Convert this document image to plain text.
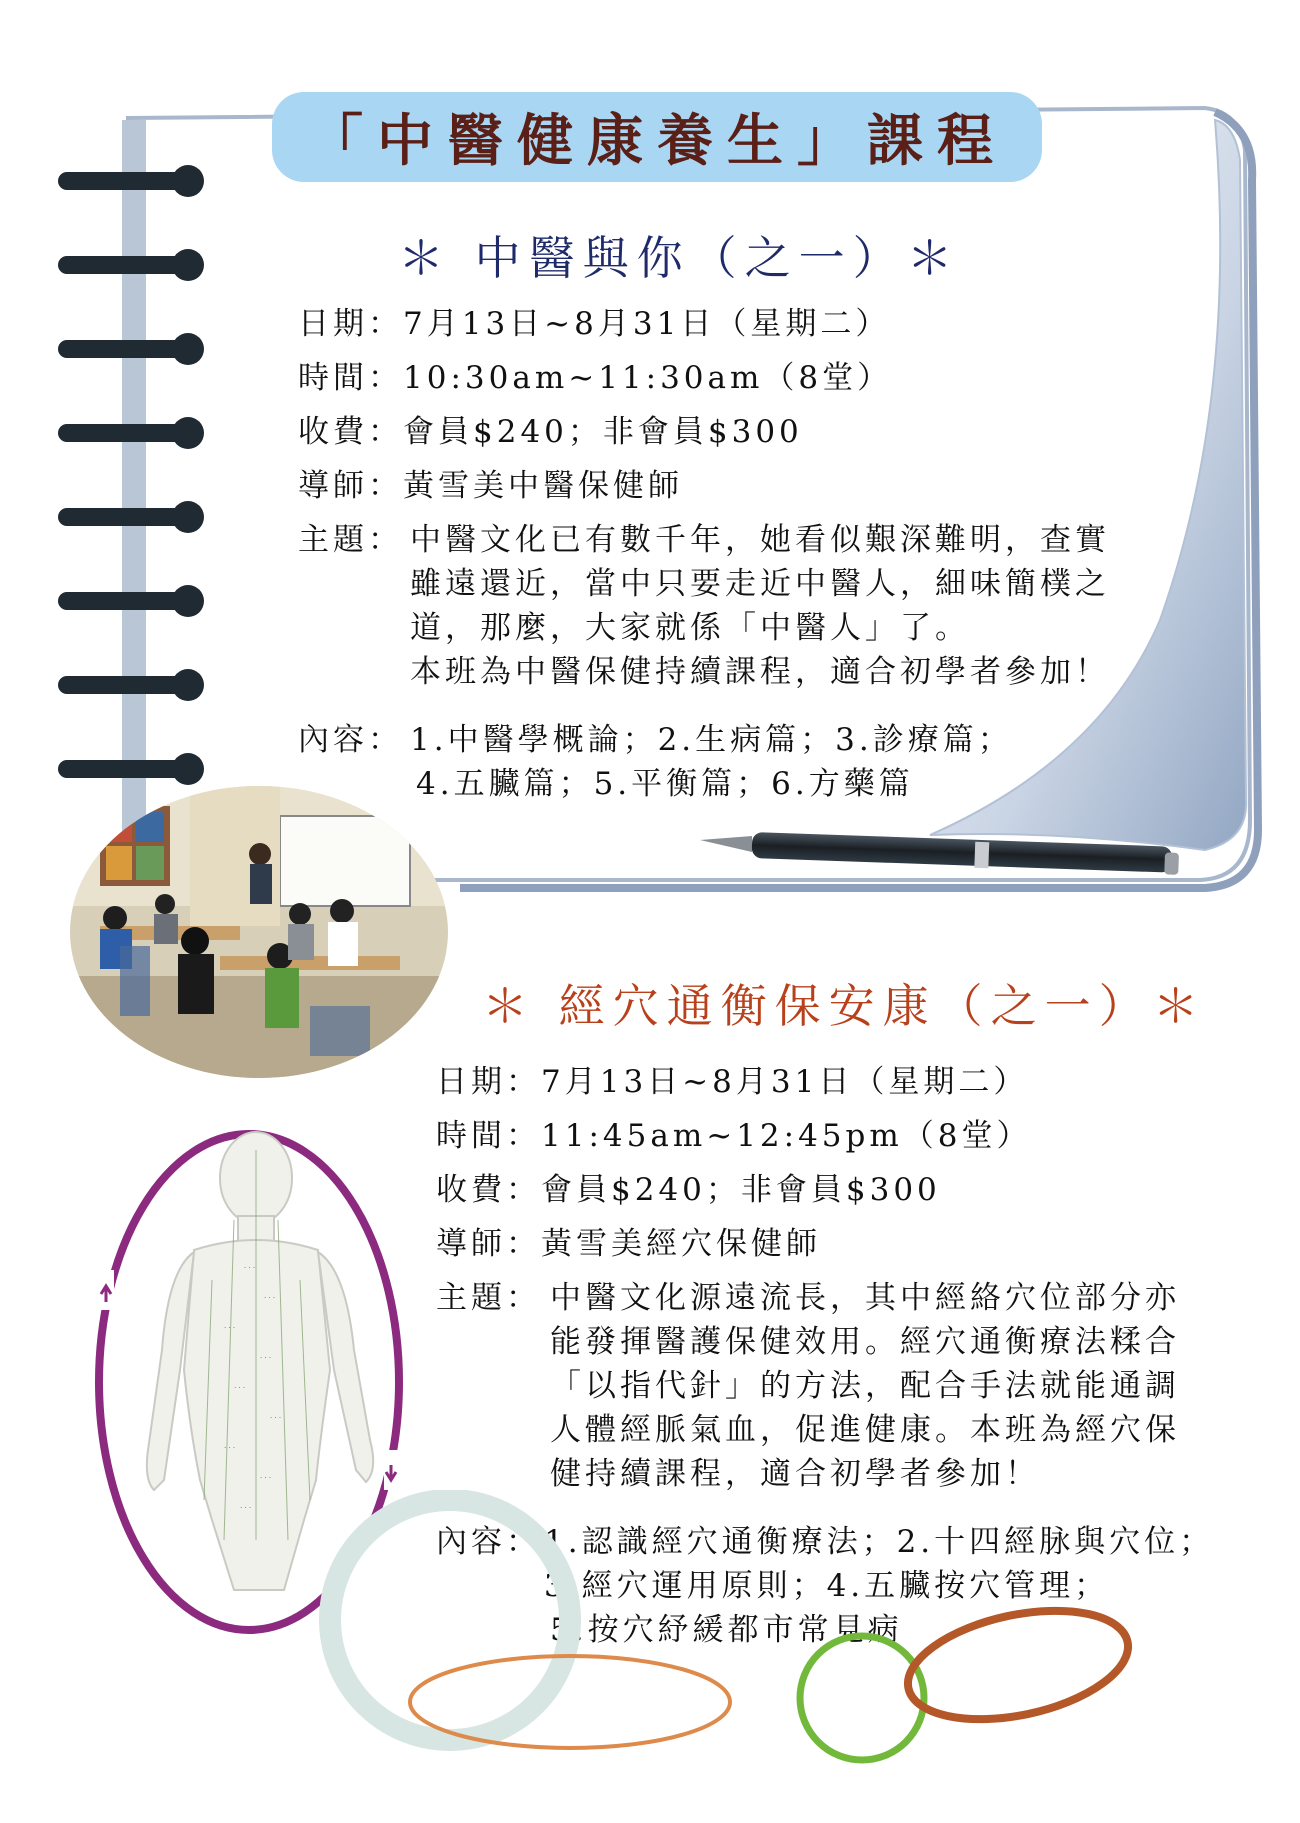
「中醫健康養生」課程
＊ 中醫與你（之一）＊
日期：7月13日~8月31日（星期二）
時間：10:30am~11:30am（8堂）
收費：會員$240；非會員$300
導師：黃雪美中醫保健師
主題： 中醫文化已有數千年，她看似艱深難明，查實
雖遠還近，當中只要走近中醫人，細味簡樸之
道，那麼，大家就係「中醫人」了。
本班為中醫保健持續課程，適合初學者參加！
內容： 1.中醫學概論；2.生病篇；3.診療篇；
4.五臟篇；5.平衡篇；6.方藥篇
＊ 經穴通衡保安康（之一）＊
日期：7月13日~8月31日（星期二）
時間：11:45am~12:45pm（8堂）
收費：會員$240；非會員$300
導師：黃雪美經穴保健師
主題： 中醫文化源遠流長，其中經絡穴位部分亦
能發揮醫護保健效用。經穴通衡療法糅合
「以指代針」的方法，配合手法就能通調
人體經脈氣血，促進健康。本班為經穴保
健持續課程，適合初學者參加！
內容： 1.認識經穴通衡療法；2.十四經脉與穴位；
3.經穴運用原則；4.五臟按穴管理；
5.按穴紓緩都市常見病
· · ·
· · ·
· · ·
· · ·
· · ·
· · ·
· · ·
· · ·
· · ·
